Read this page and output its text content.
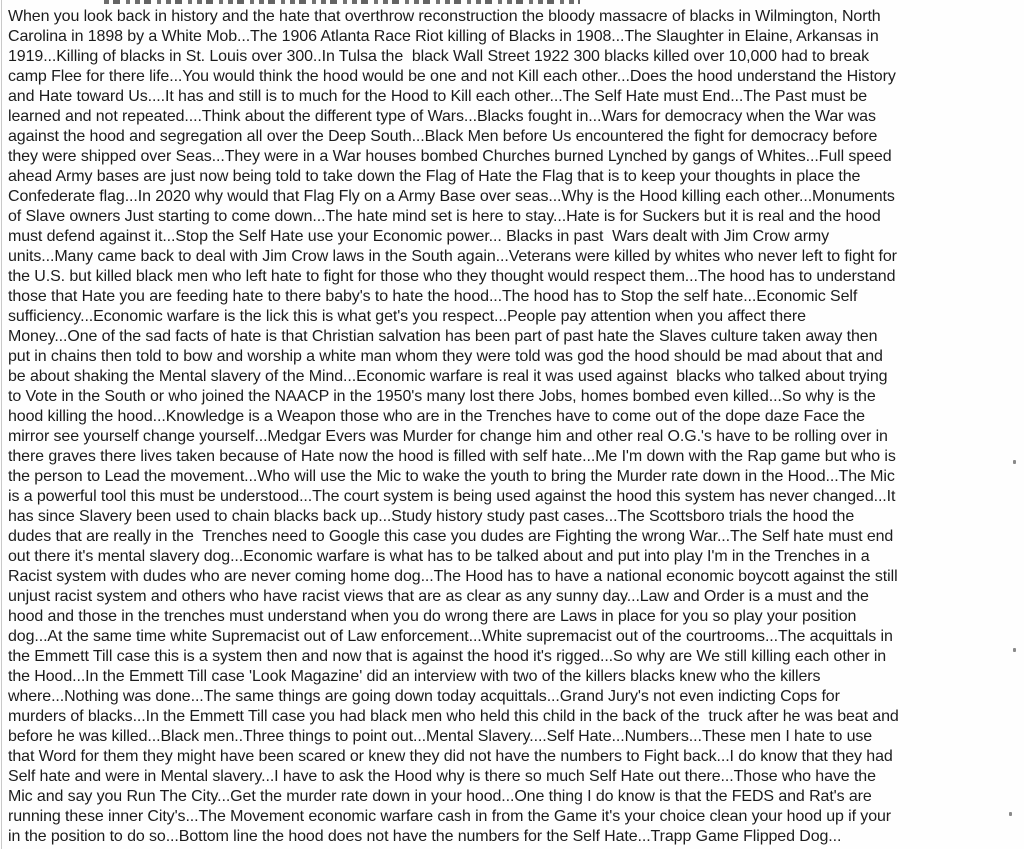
When you look back in history and the hate that overthrow reconstruction the bloody massacre of blacks in Wilmington, North
Carolina in 1898 by a White Mob...The 1906 Atlanta Race Riot killing of Blacks in 1908...The Slaughter in Elaine, Arkansas in
1919...Killing of blacks in St. Louis over 300..In Tulsa the  black Wall Street 1922 300 blacks killed over 10,000 had to break
camp Flee for there life...You would think the hood would be one and not Kill each other...Does the hood understand the History
and Hate toward Us....It has and still is to much for the Hood to Kill each other...The Self Hate must End...The Past must be
learned and not repeated....Think about the different type of Wars...Blacks fought in...Wars for democracy when the War was
against the hood and segregation all over the Deep South...Black Men before Us encountered the fight for democracy before
they were shipped over Seas...They were in a War houses bombed Churches burned Lynched by gangs of Whites...Full speed
ahead Army bases are just now being told to take down the Flag of Hate the Flag that is to keep your thoughts in place the
Confederate flag...In 2020 why would that Flag Fly on a Army Base over seas...Why is the Hood killing each other...Monuments
of Slave owners Just starting to come down...The hate mind set is here to stay...Hate is for Suckers but it is real and the hood
must defend against it...Stop the Self Hate use your Economic power... Blacks in past  Wars dealt with Jim Crow army
units...Many came back to deal with Jim Crow laws in the South again...Veterans were killed by whites who never left to fight for
the U.S. but killed black men who left hate to fight for those who they thought would respect them...The hood has to understand
those that Hate you are feeding hate to there baby's to hate the hood...The hood has to Stop the self hate...Economic Self
sufficiency...Economic warfare is the lick this is what get's you respect...People pay attention when you affect there
Money...One of the sad facts of hate is that Christian salvation has been part of past hate the Slaves culture taken away then
put in chains then told to bow and worship a white man whom they were told was god the hood should be mad about that and
be about shaking the Mental slavery of the Mind...Economic warfare is real it was used against  blacks who talked about trying
to Vote in the South or who joined the NAACP in the 1950's many lost there Jobs, homes bombed even killed...So why is the
hood killing the hood...Knowledge is a Weapon those who are in the Trenches have to come out of the dope daze Face the
mirror see yourself change yourself...Medgar Evers was Murder for change him and other real O.G.'s have to be rolling over in
there graves there lives taken because of Hate now the hood is filled with self hate...Me I'm down with the Rap game but who is
the person to Lead the movement...Who will use the Mic to wake the youth to bring the Murder rate down in the Hood...The Mic
is a powerful tool this must be understood...The court system is being used against the hood this system has never changed...It
has since Slavery been used to chain blacks back up...Study history study past cases...The Scottsboro trials the hood the
dudes that are really in the  Trenches need to Google this case you dudes are Fighting the wrong War...The Self hate must end
out there it's mental slavery dog...Economic warfare is what has to be talked about and put into play I'm in the Trenches in a
Racist system with dudes who are never coming home dog...The Hood has to have a national economic boycott against the still
unjust racist system and others who have racist views that are as clear as any sunny day...Law and Order is a must and the
hood and those in the trenches must understand when you do wrong there are Laws in place for you so play your position
dog...At the same time white Supremacist out of Law enforcement...White supremacist out of the courtrooms...The acquittals in
the Emmett Till case this is a system then and now that is against the hood it's rigged...So why are We still killing each other in
the Hood...In the Emmett Till case 'Look Magazine' did an interview with two of the killers blacks knew who the killers
where...Nothing was done...The same things are going down today acquittals...Grand Jury's not even indicting Cops for
murders of blacks...In the Emmett Till case you had black men who held this child in the back of the  truck after he was beat and
before he was killed...Black men..Three things to point out...Mental Slavery....Self Hate...Numbers...These men I hate to use
that Word for them they might have been scared or knew they did not have the numbers to Fight back...I do know that they had
Self hate and were in Mental slavery...I have to ask the Hood why is there so much Self Hate out there...Those who have the
Mic and say you Run The City...Get the murder rate down in your hood...One thing I do know is that the FEDS and Rat's are
running these inner City's...The Movement economic warfare cash in from the Game it's your choice clean your hood up if your
in the position to do so...Bottom line the hood does not have the numbers for the Self Hate...Trapp Game Flipped Dog...
